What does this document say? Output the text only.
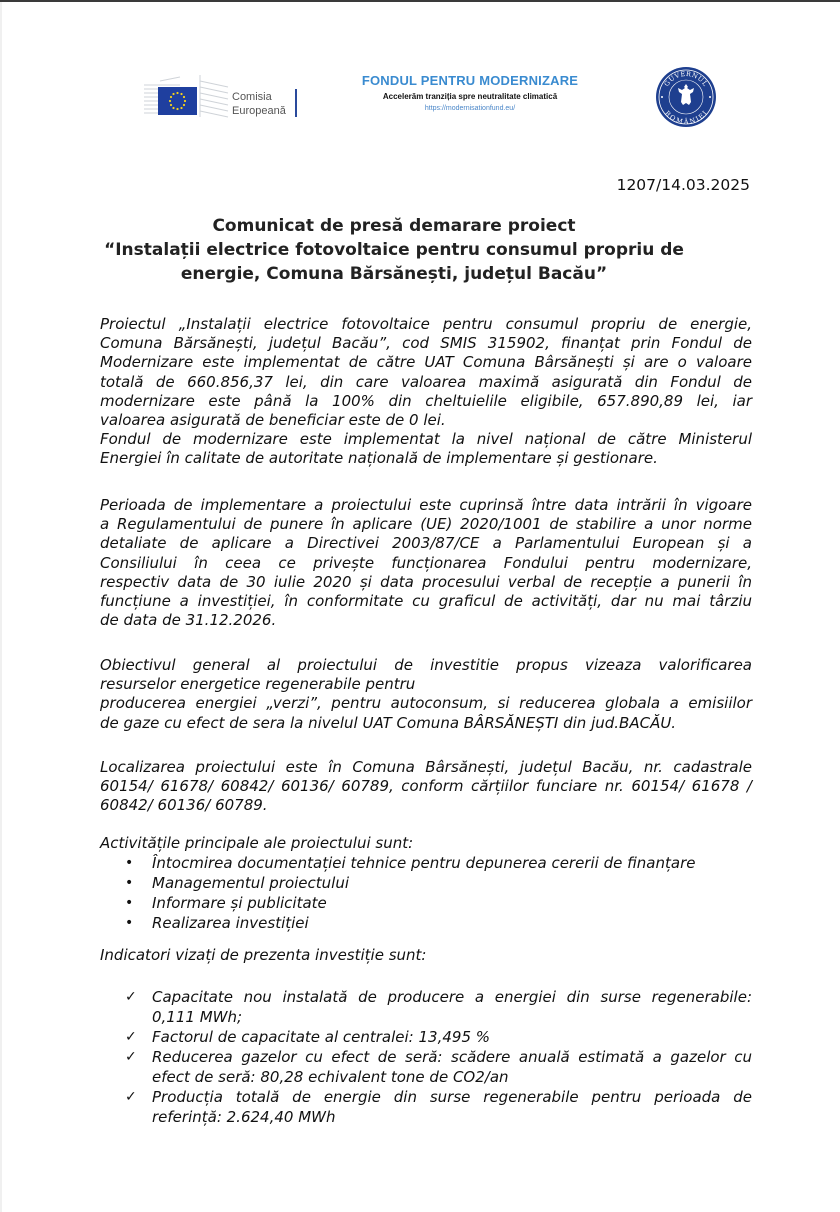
Comisia
Europeană
FONDUL PENTRU MODERNIZARE
Accelerăm tranziția spre neutralitate climatică
https://modernisationfund.eu/
GUVERNUL
ROMÂNIEI
1207/14.03.2025
Comunicat de presă demarare proiect
“Instalații electrice fotovoltaice pentru consumul propriu de
energie, Comuna Bărsănești, județul Bacău”
Proiectul „Instalații electrice fotovoltaice pentru consumul propriu de energie,
Comuna Bărsănești, județul Bacău”, cod SMIS 315902, finanțat prin Fondul de
Modernizare este implementat de către UAT Comuna Bârsănești și are o valoare
totală de 660.856,37 lei, din care valoarea maximă asigurată din Fondul de
modernizare este până la 100% din cheltuielile eligibile, 657.890,89 lei, iar
valoarea asigurată de beneficiar este de 0 lei.
Fondul de modernizare este implementat la nivel național de către Ministerul
Energiei în calitate de autoritate națională de implementare și gestionare.
Perioada de implementare a proiectului este cuprinsă între data intrării în vigoare
a Regulamentului de punere în aplicare (UE) 2020/1001 de stabilire a unor norme
detaliate de aplicare a Directivei 2003/87/CE a Parlamentului European și a
Consiliului în ceea ce privește funcționarea Fondului pentru modernizare,
respectiv data de 30 iulie 2020 și data procesului verbal de recepție a punerii în
funcțiune a investiției, în conformitate cu graficul de activități, dar nu mai târziu
de data de 31.12.2026.
Obiectivul general al proiectului de investitie propus vizeaza valorificarea
resurselor energetice regenerabile pentru
producerea energiei „verzi”, pentru autoconsum, si reducerea globala a emisiilor
de gaze cu efect de sera la nivelul UAT Comuna BÂRSĂNEȘTI din jud.BACĂU.
Localizarea proiectului este în Comuna Bârsănești, județul Bacău, nr. cadastrale
60154/ 61678/ 60842/ 60136/ 60789, conform cărțiilor funciare nr. 60154/ 61678 /
60842/ 60136/ 60789.
Activitățile principale ale proiectului sunt:
• Întocmirea documentației tehnice pentru depunerea cererii de finanțare
• Managementul proiectului
• Informare și publicitate
• Realizarea investiției
Indicatori vizați de prezenta investiție sunt:
✓ Capacitate nou instalată de producere a energiei din surse regenerabile:
0,111 MWh;
✓ Factorul de capacitate al centralei: 13,495 %
✓ Reducerea gazelor cu efect de seră: scădere anuală estimată a gazelor cu
efect de seră: 80,28 echivalent tone de CO2/an
✓ Producția totală de energie din surse regenerabile pentru perioada de
referință: 2.624,40 MWh
